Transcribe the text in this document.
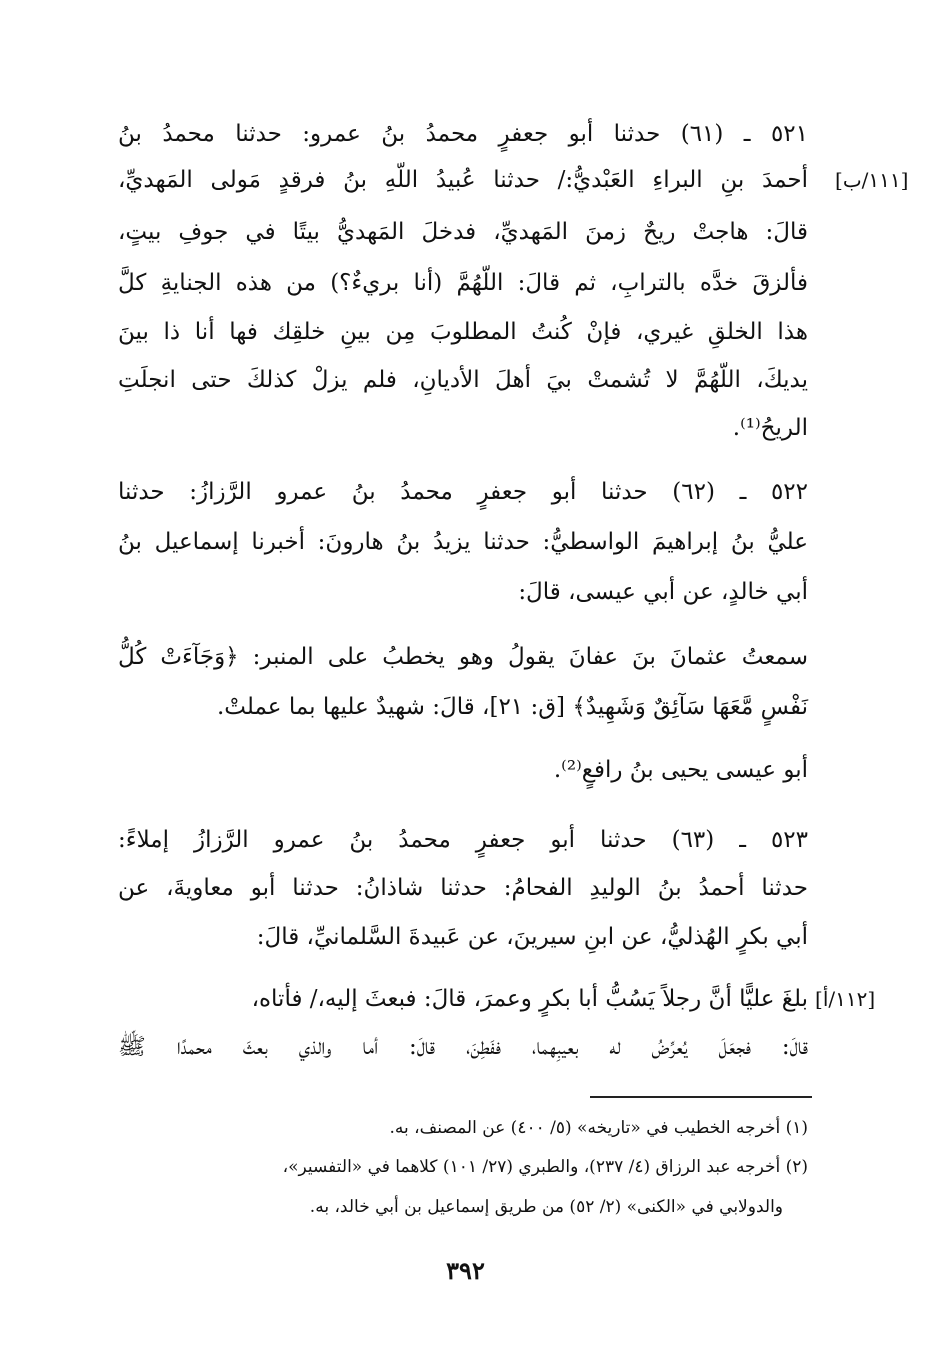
٥٢١ ـ (٦١) حدثنا أبو جعفرٍ محمدُ بنُ عمرو: حدثنا محمدُ بنُ
أحمدَ بنِ البراءِ العَبْديُّ:/ حدثنا عُبيدُ اللّهِ بنُ فرقدٍ مَولى المَهديِّ، [١١١/ب]
قالَ: هاجتْ ريحٌ زمنَ المَهديِّ، فدخلَ المَهديُّ بيتًا في جوفِ بيتٍ،
فألزقَ خدَّه بالترابِ، ثم قالَ: اللّهُمَّ (أنا بريءٌ؟) من هذه الجنايةِ كلَّ
هذا الخلقِ غيري، فإنْ كُنتُ المطلوبَ مِن بينِ خلقِك فها أنا ذا بينَ
يديكَ، اللّهُمَّ لا تُشمتْ بيَ أهلَ الأديانِ، فلم يزلْ كذلكَ حتى انجلَتِ
الريحُ⁽¹⁾.
٥٢٢ ـ (٦٢) حدثنا أبو جعفرٍ محمدُ بنُ عمرو الرَّزازُ: حدثنا
عليُّ بنُ إبراهيمَ الواسطيُّ: حدثنا يزيدُ بنُ هارونَ: أخبرنا إسماعيل بنُ
أبي خالدٍ، عن أبي عيسى، قالَ:
سمعتُ عثمانَ بنَ عفانَ يقولُ وهو يخطبُ على المنبر: ﴿وَجَآءَتْ كُلُّ
نَفْسٍ مَّعَهَا سَآئِقٌ وَشَهِيدٌ﴾ [ق: ٢١]، قالَ: شهيدٌ عليها بما عملتْ.
أبو عيسى يحيى بنُ رافعٍ⁽²⁾.
٥٢٣ ـ (٦٣) حدثنا أبو جعفرٍ محمدُ بنُ عمرو الرَّزازُ إملاءً:
حدثنا أحمدُ بنُ الوليدِ الفحامُ: حدثنا شاذانُ: حدثنا أبو معاويةَ، عن
أبي بكرٍ الهُذليُّ، عن ابنِ سيرينَ، عن عَبيدةَ السَّلمانيِّ، قالَ:
بلغَ عليًّا أنَّ رجلاً يَسُبُّ أبا بكرٍ وعمرَ، قالَ: فبعثَ إليه،/ فأتاه، [١١٢/أ]
قالَ: فجعَلَ يُعرِّضُ له بعيبِهما، ففَطِنَ، قالَ: أما والذي بعثَ محمدًا ﷺ
(١) أخرجه الخطيب في «تاريخه» (٥/ ٤٠٠) عن المصنف، به.
(٢) أخرجه عبد الرزاق (٤/ ٢٣٧)، والطبري (٢٧/ ١٠١) كلاهما في «التفسير»،
والدولابي في «الكنى» (٢/ ٥٢) من طريق إسماعيل بن أبي خالد، به.
٣٩٢
